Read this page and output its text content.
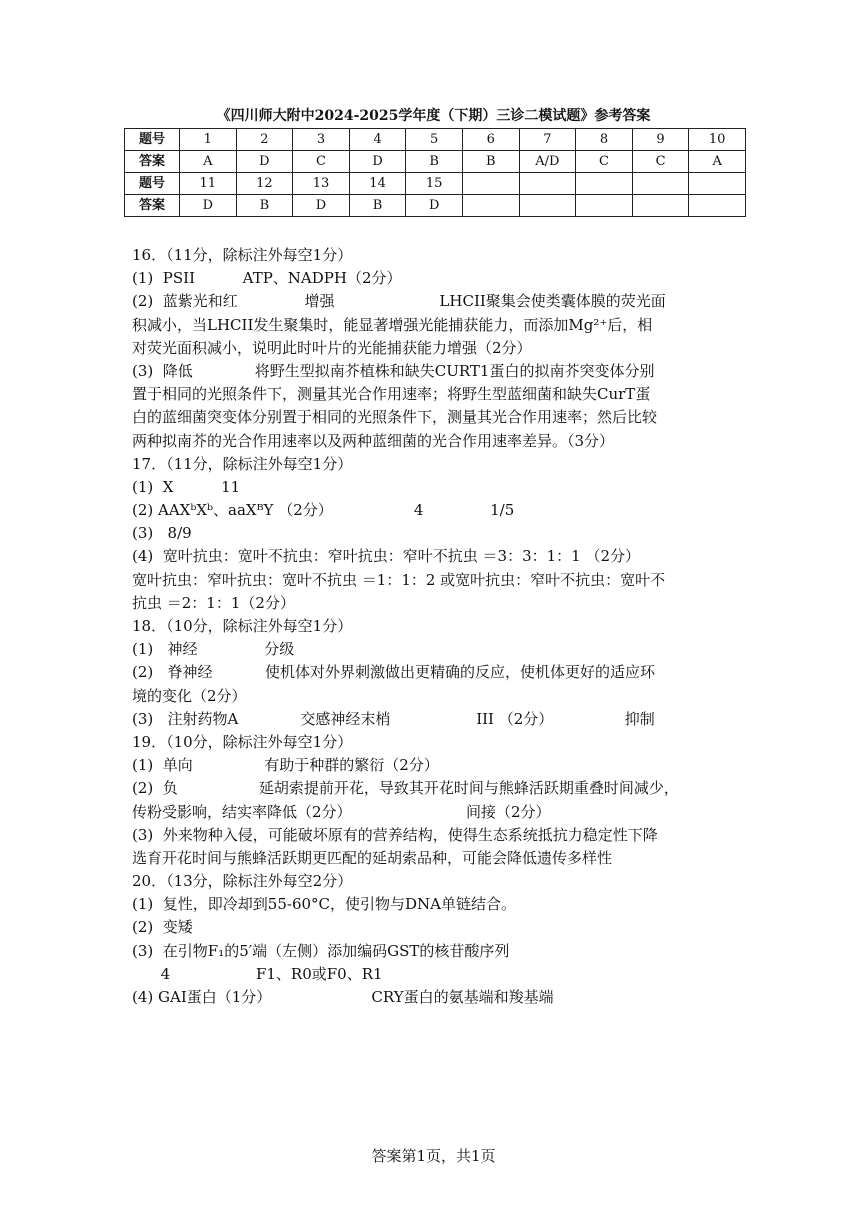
《四川师大附中2024-2025学年度（下期）三诊二模试题》参考答案
题号	1	2	3	4	5	6	7	8	9	10
答案	A	D	C	D	B	B	A/D	C	C	A
题号	11	12	13	14	15					
答案	D	B	D	B	D					
16．（11分，除标注外每空1分）
(1)  PSII          ATP、NADPH（2分）
(2)  蓝紫光和红              增强                      LHCII聚集会使类囊体膜的荧光面
积减小，当LHCII发生聚集时，能显著增强光能捕获能力，而添加Mg²⁺后，相
对荧光面积减小，说明此时叶片的光能捕获能力增强（2分）
(3)  降低             将野生型拟南芥植株和缺失CURT1蛋白的拟南芥突变体分别
置于相同的光照条件下，测量其光合作用速率；将野生型蓝细菌和缺失CurT蛋
白的蓝细菌突变体分别置于相同的光照条件下，测量其光合作用速率；然后比较
两种拟南芥的光合作用速率以及两种蓝细菌的光合作用速率差异。（3分）
17．（11分，除标注外每空1分）
(1)  X          11
(2) AAXᵇXᵇ、aaXᴮY （2分）                 4              1/5
(3)   8/9
(4)  宽叶抗虫：宽叶不抗虫：窄叶抗虫：窄叶不抗虫 ＝3：3：1：1 （2分）
宽叶抗虫：窄叶抗虫：宽叶不抗虫 ＝1：1：2 或宽叶抗虫：窄叶不抗虫：宽叶不
抗虫 ＝2：1：1（2分）
18．（10分，除标注外每空1分）
(1)   神经              分级
(2)   脊神经           使机体对外界刺激做出更精确的反应，使机体更好的适应环
境的变化（2分）
(3)   注射药物A             交感神经末梢                  III （2分）               抑制
19．（10分，除标注外每空1分）
(1)  单向               有助于种群的繁衍（2分）
(2)  负                 延胡索提前开花，导致其开花时间与熊蜂活跃期重叠时间减少，
传粉受影响，结实率降低（2分）                        间接（2分）
(3)  外来物种入侵，可能破坏原有的营养结构，使得生态系统抵抗力稳定性下降
选育开花时间与熊蜂活跃期更匹配的延胡索品种，可能会降低遗传多样性
20．（13分，除标注外每空2分）
(1)  复性，即冷却到55-60°C，使引物与DNA单链结合。
(2)  变矮
(3)  在引物F₁的5′端（左侧）添加编码GST的核苷酸序列
4                  F1、R0或F0、R1
(4) GAI蛋白（1分）                     CRY蛋白的氨基端和羧基端
答案第1页，共1页
